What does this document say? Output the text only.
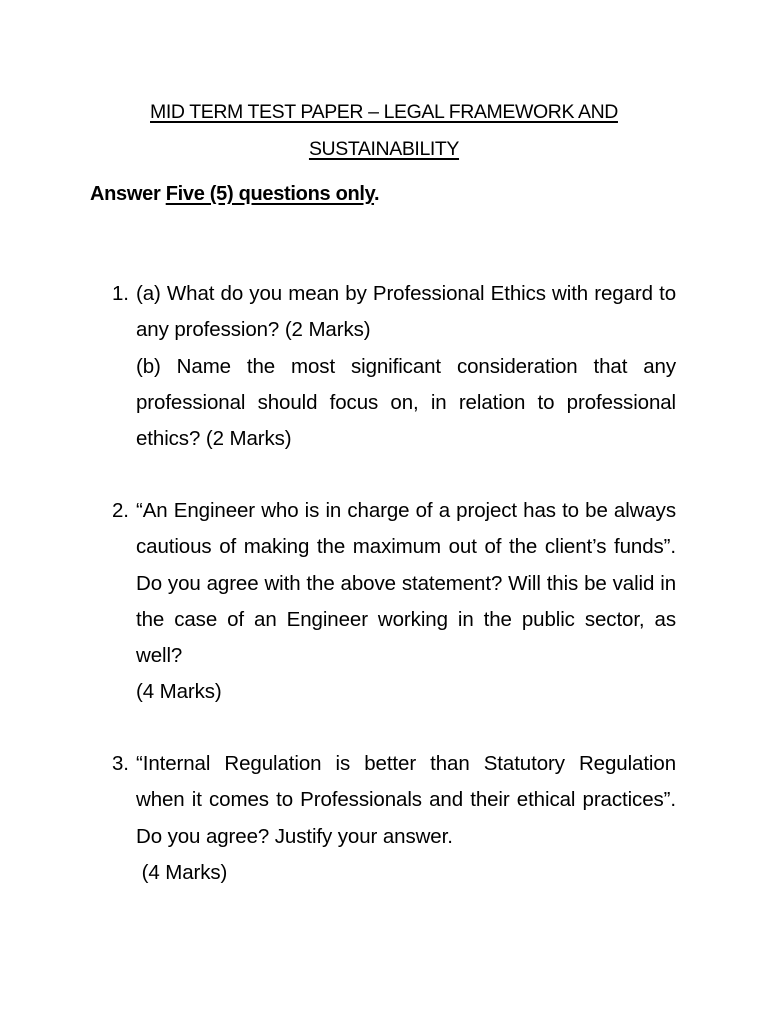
MID TERM TEST PAPER – LEGAL FRAMEWORK AND
SUSTAINABILITY
Answer Five (5) questions only.
1. (a) What do you mean by Professional Ethics with regard to any profession? (2 Marks)
(b) Name the most significant consideration that any professional should focus on, in relation to professional ethics? (2 Marks)
2. “An Engineer who is in charge of a project has to be always cautious of making the maximum out of the client’s funds”. Do you agree with the above statement? Will this be valid in the case of an Engineer working in the public sector, as well?
(4 Marks)
3. “Internal Regulation is better than Statutory Regulation when it comes to Professionals and their ethical practices”. Do you agree? Justify your answer.
(4 Marks)
